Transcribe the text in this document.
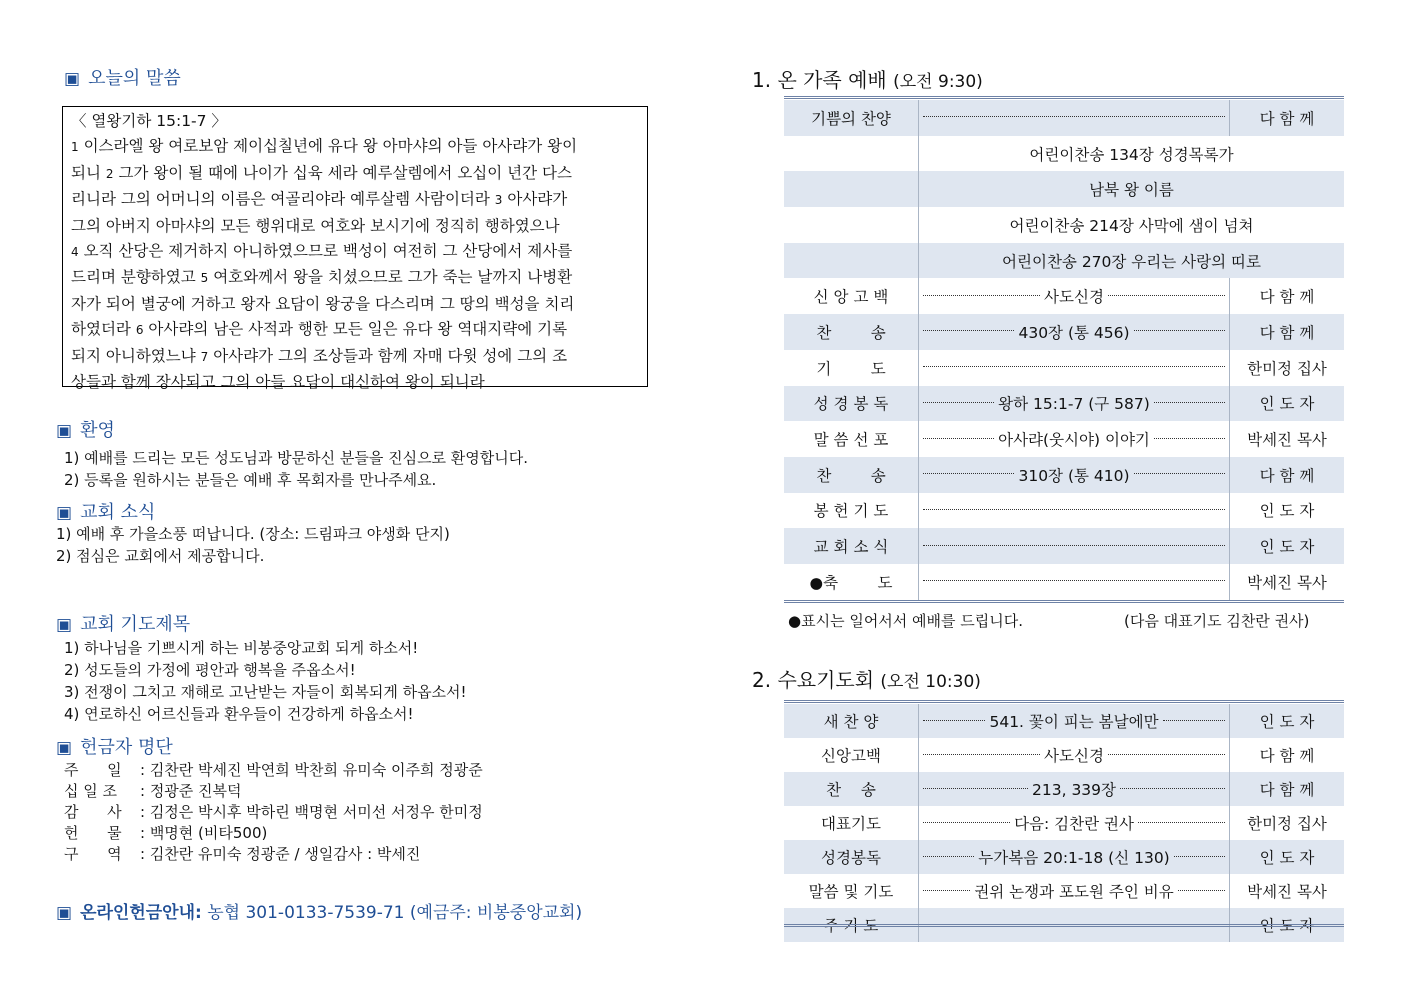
▣ 오늘의 말씀
〈 열왕기하 15:1-7 〉
1 이스라엘 왕 여로보암 제이십칠년에 유다 왕 아마샤의 아들 아사랴가 왕이
되니 2 그가 왕이 될 때에 나이가 십육 세라 예루살렘에서 오십이 년간 다스
리니라 그의 어머니의 이름은 여골리야라 예루살렘 사람이더라 3 아사랴가
그의 아버지 아마샤의 모든 행위대로 여호와 보시기에 정직히 행하였으나
4 오직 산당은 제거하지 아니하였으므로 백성이 여전히 그 산당에서 제사를
드리며 분향하였고 5 여호와께서 왕을 치셨으므로 그가 죽는 날까지 나병환
자가 되어 별궁에 거하고 왕자 요담이 왕궁을 다스리며 그 땅의 백성을 치리
하였더라 6 아사랴의 남은 사적과 행한 모든 일은 유다 왕 역대지략에 기록
되지 아니하였느냐 7 아사랴가 그의 조상들과 함께 자매 다윗 성에 그의 조
상들과 함께 장사되고 그의 아들 요담이 대신하여 왕이 되니라
▣ 환영
1) 예배를 드리는 모든 성도님과 방문하신 분들을 진심으로 환영합니다.
2) 등록을 원하시는 분들은 예배 후 목회자를 만나주세요.
▣ 교회 소식
1) 예배 후 가을소풍 떠납니다. (장소: 드림파크 야생화 단지)
2) 점심은 교회에서 제공합니다.
▣ 교회 기도제목
1) 하나님을 기쁘시게 하는 비봉중앙교회 되게 하소서!
2) 성도들의 가정에 평안과 행복을 주옵소서!
3) 전쟁이 그치고 재해로 고난받는 자들이 회복되게 하옵소서!
4) 연로하신 어르신들과 환우들이 건강하게 하옵소서!
▣ 헌금자 명단
주      일	: 김찬란 박세진 박연희 박찬희 유미숙 이주희 정광준
십 일 조	: 정광준 진복덕
감      사	: 김정은 박시후 박하린 백명현 서미선 서정우 한미정
헌      물	: 백명현 (비타500)
구      역	: 김찬란 유미숙 정광준 / 생일감사 : 박세진
▣ 온라인헌금안내: 농협 301-0133-7539-71 (예금주: 비봉중앙교회)
1. 온 가족 예배 (오전 9:30)
기쁨의 찬양		다 함 께
	어린이찬송 134장 성경목록가	
	남북 왕 이름	
	어린이찬송 214장 사막에 샘이 넘쳐	
	어린이찬송 270장 우리는 사랑의 띠로	
신 앙 고 백	사도신경	다 함 께
찬        송	430장 (통 456)	다 함 께
기        도		한미정 집사
성 경 봉 독	왕하 15:1-7 (구 587)	인 도 자
말 씀 선 포	아사랴(웃시야) 이야기	박세진 목사
찬        송	310장 (통 410)	다 함 께
봉 헌 기 도		인 도 자
교 회 소 식		인 도 자
●축        도		박세진 목사
●표시는 일어서서 예배를 드립니다.	(다음 대표기도 김찬란 권사)
2. 수요기도회 (오전 10:30)
새 찬 양	541. 꽃이 피는 봄날에만	인 도 자
신앙고백	사도신경	다 함 께
찬    송	213, 339장	다 함 께
대표기도	다음: 김찬란 권사	한미정 집사
성경봉독	누가복음 20:1-18 (신 130)	인 도 자
말씀 및 기도	권위 논쟁과 포도원 주인 비유	박세진 목사
주 기 도		인 도 자
